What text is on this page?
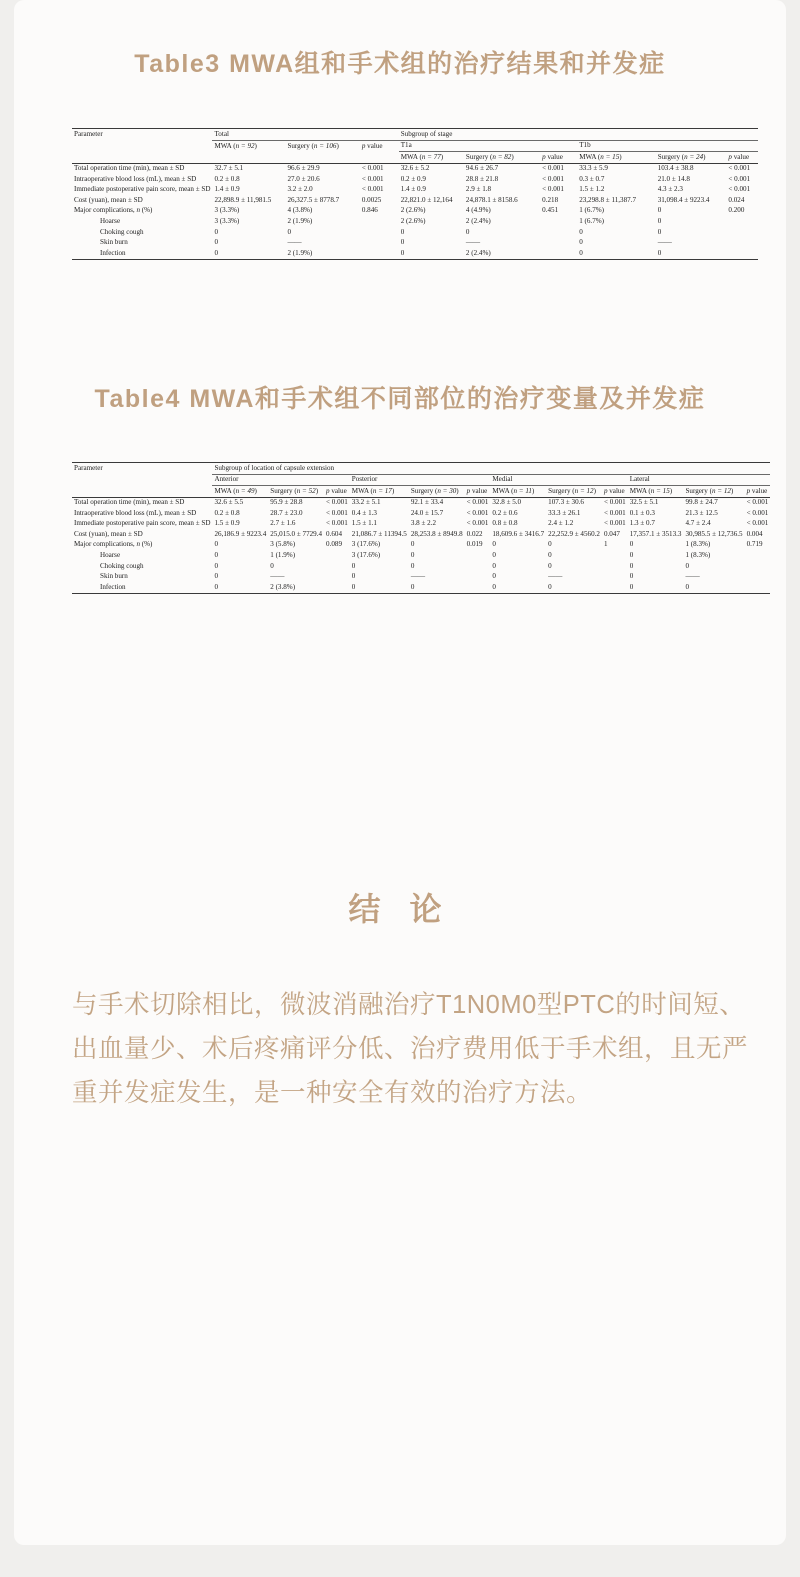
Table3 MWA组和手术组的治疗结果和并发症
Parameter	Total			Subgroup of stage					
	MWA (n = 92)	Surgery (n = 106)	p value	T1a			T1b		
				MWA (n = 77)	Surgery (n = 82)	p value	MWA (n = 15)	Surgery (n = 24)	p value
Total operation time (min), mean ± SD	32.7 ± 5.1	96.6 ± 29.9	< 0.001	32.6 ± 5.2	94.6 ± 26.7	< 0.001	33.3 ± 5.9	103.4 ± 38.8	< 0.001
Intraoperative blood loss (mL), mean ± SD	0.2 ± 0.8	27.0 ± 20.6	< 0.001	0.2 ± 0.9	28.8 ± 21.8	< 0.001	0.3 ± 0.7	21.0 ± 14.8	< 0.001
Immediate postoperative pain score, mean ± SD	1.4 ± 0.9	3.2 ± 2.0	< 0.001	1.4 ± 0.9	2.9 ± 1.8	< 0.001	1.5 ± 1.2	4.3 ± 2.3	< 0.001
Cost (yuan), mean ± SD	22,898.9 ± 11,981.5	26,327.5 ± 8778.7	0.0025	22,821.0 ± 12,164	24,878.1 ± 8158.6	0.218	23,298.8 ± 11,387.7	31,098.4 ± 9223.4	0.024
Major complications, n (%)	3 (3.3%)	4 (3.8%)	0.846	2 (2.6%)	4 (4.9%)	0.451	1 (6.7%)	0	0.200
Hoarse	3 (3.3%)	2 (1.9%)		2 (2.6%)	2 (2.4%)		1 (6.7%)	0	
Choking cough	0	0		0	0		0	0	
Skin burn	0	——		0	——		0	——	
Infection	0	2 (1.9%)		0	2 (2.4%)		0	0	
Table4 MWA和手术组不同部位的治疗变量及并发症
Parameter	Subgroup of location of capsule extension											
	Anterior			Posterior			Medial			Lateral		
	MWA (n = 49)	Surgery (n = 52)	p value	MWA (n = 17)	Surgery (n = 30)	p value	MWA (n = 11)	Surgery (n = 12)	p value	MWA (n = 15)	Surgery (n = 12)	p value
Total operation time (min), mean ± SD	32.6 ± 5.5	95.9 ± 28.8	< 0.001	33.2 ± 5.1	92.1 ± 33.4	< 0.001	32.8 ± 5.0	107.3 ± 30.6	< 0.001	32.5 ± 5.1	99.8 ± 24.7	< 0.001
Intraoperative blood loss (mL), mean ± SD	0.2 ± 0.8	28.7 ± 23.0	< 0.001	0.4 ± 1.3	24.0 ± 15.7	< 0.001	0.2 ± 0.6	33.3 ± 26.1	< 0.001	0.1 ± 0.3	21.3 ± 12.5	< 0.001
Immediate postoperative pain score, mean ± SD	1.5 ± 0.9	2.7 ± 1.6	< 0.001	1.5 ± 1.1	3.8 ± 2.2	< 0.001	0.8 ± 0.8	2.4 ± 1.2	< 0.001	1.3 ± 0.7	4.7 ± 2.4	< 0.001
Cost (yuan), mean ± SD	26,186.9 ± 9223.4	25,015.0 ± 7729.4	0.604	21,086.7 ± 11394.5	28,253.8 ± 8949.8	0.022	18,609.6 ± 3416.7	22,252.9 ± 4560.2	0.047	17,357.1 ± 3513.3	30,985.5 ± 12,736.5	0.004
Major complications, n (%)	0	3 (5.8%)	0.089	3 (17.6%)	0	0.019	0	0	1	0	1 (8.3%)	0.719
Hoarse	0	1 (1.9%)		3 (17.6%)	0		0	0		0	1 (8.3%)	
Choking cough	0	0		0	0		0	0		0	0	
Skin burn	0	——		0	——		0	——		0	——	
Infection	0	2 (3.8%)		0	0		0	0		0	0	
结 论
与手术切除相比，微波消融治疗T1N0M0型PTC的时间短、出血量少、术后疼痛评分低、治疗费用低于手术组，且无严重并发症发生，是一种安全有效的治疗方法。
